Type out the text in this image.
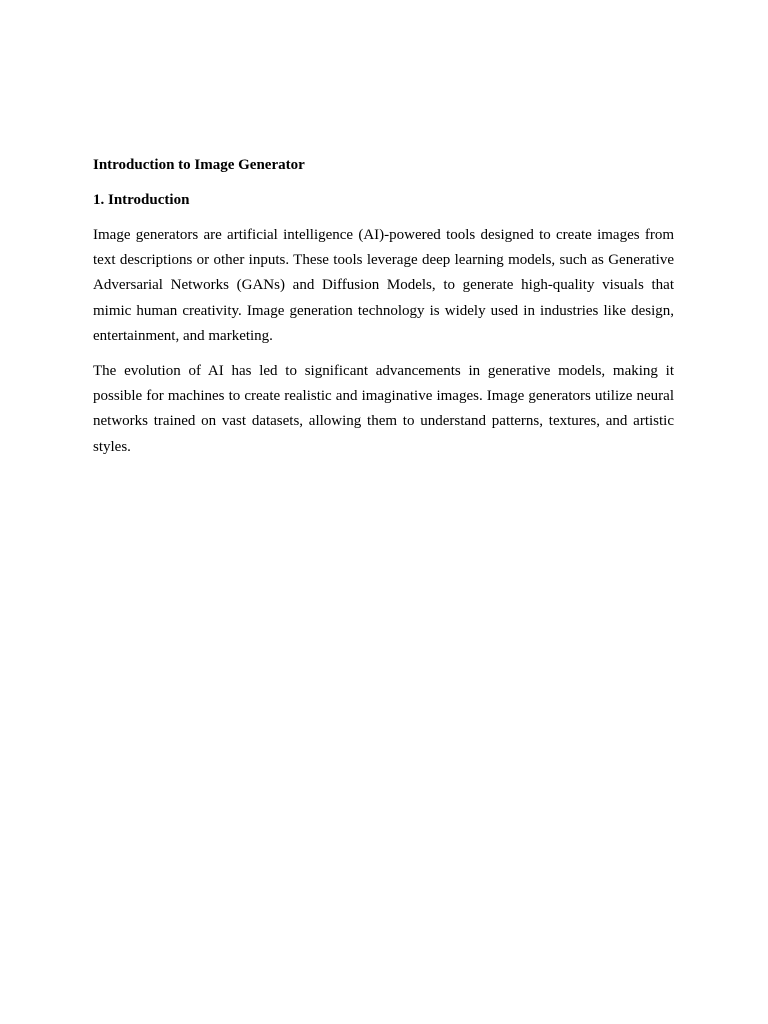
Introduction to Image Generator
1. Introduction

Image generators are artificial intelligence (AI)-powered tools designed to create images from text descriptions or other inputs. These tools leverage deep learning models, such as Generative Adversarial Networks (GANs) and Diffusion Models, to generate high-quality visuals that mimic human creativity. Image generation technology is widely used in industries like design, entertainment, and marketing.

The evolution of AI has led to significant advancements in generative models, making it possible for machines to create realistic and imaginative images. Image generators utilize neural networks trained on vast datasets, allowing them to understand patterns, textures, and artistic styles.
